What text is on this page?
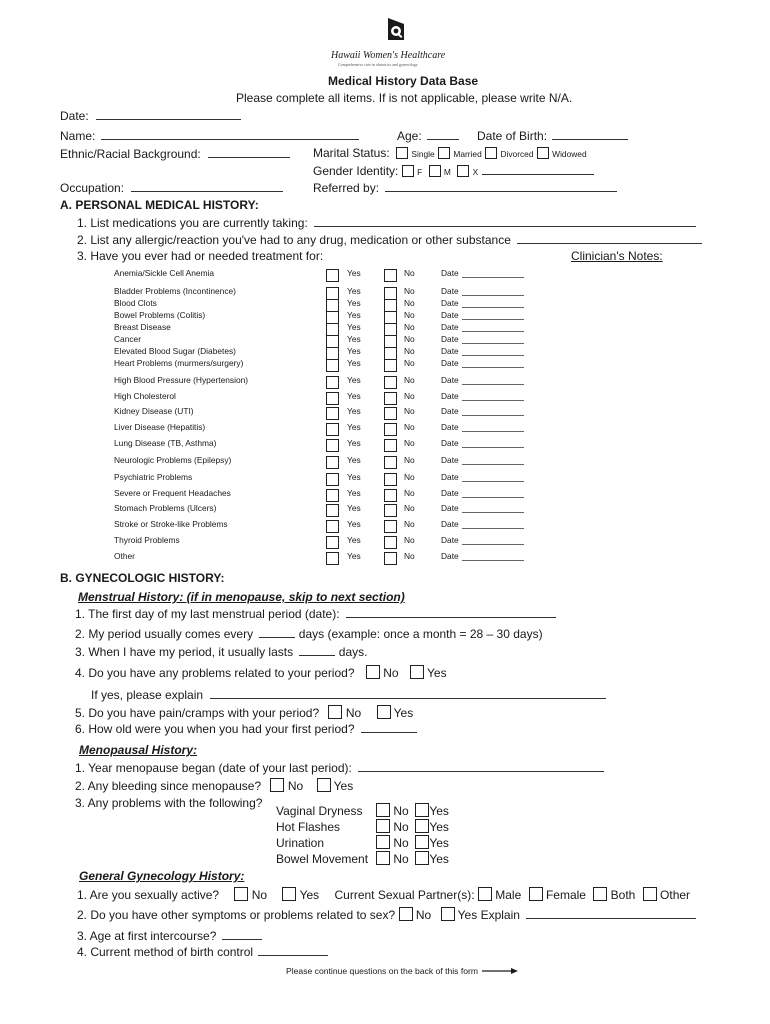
Hawaii Women's Healthcare
Comprehensive care in obstetrics and gynecology
Medical History Data Base
Please complete all items. If is not applicable, please write N/A.
Date:
Name:	Age:	Date of Birth:
Ethnic/Racial Background:	Marital Status:	Single Married Divorced Widowed
Gender Identity: F	M	X
Occupation:	Referred by:
A. PERSONAL MEDICAL HISTORY:
1. List medications you are currently taking:
2. List any allergic/reaction you've had to any drug, medication or other substance
3. Have you ever had or needed treatment for:	Clinician's Notes:
Anemia/Sickle Cell Anemia	Yes	No	Date
Bladder Problems (Incontinence)	Yes	No	Date
Blood Clots	Yes	No	Date
Bowel Problems (Colitis)	Yes	No	Date
Breast Disease	Yes	No	Date
Cancer	Yes	No	Date
Elevated Blood Sugar (Diabetes)	Yes	No	Date
Heart Problems (murmers/surgery)	Yes	No	Date
High Blood Pressure (Hypertension)	Yes	No	Date
High Cholesterol	Yes	No	Date
Kidney Disease (UTI)	Yes	No	Date
Liver Disease (Hepatitis)	Yes	No	Date
Lung Disease (TB, Asthma)	Yes	No	Date
Neurologic Problems (Epilepsy)	Yes	No	Date
Psychiatric Problems	Yes	No	Date
Severe or Frequent Headaches	Yes	No	Date
Stomach Problems (Ulcers)	Yes	No	Date
Stroke or Stroke-like Problems	Yes	No	Date
Thyroid Problems	Yes	No	Date
Other	Yes	No	Date
B. GYNECOLOGIC HISTORY:
Menstrual History: (if in menopause, skip to next section)
1. The first day of my last menstrual period (date):
2. My period usually comes every	days (example: once a month = 28 – 30 days)
3. When I have my period, it usually lasts	days.
4. Do you have any problems related to your period? No Yes
If yes, please explain
5. Do you have pain/cramps with your period? No	Yes
6. How old were you when you had your first period?
Menopausal History:
1. Year menopause began (date of your last period):
2. Any bleeding since menopause? No	Yes
3. Any problems with the following?
Vaginal Dryness	No Yes
Hot Flashes	No Yes
Urination	No Yes
Bowel Movement No Yes
General Gynecology History:
1. Are you sexually active?	No	Yes Current Sexual Partner(s): Male Female Both Other
2. Do you have other symptoms or problems related to sex? No Yes Explain
3. Age at first intercourse?
4. Current method of birth control
Please continue questions on the back of this form
